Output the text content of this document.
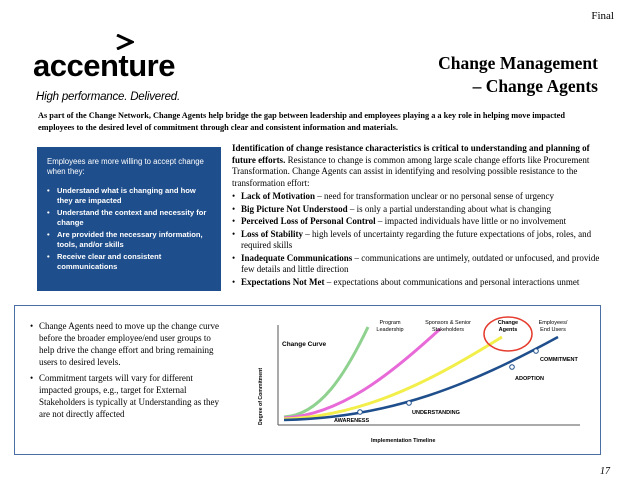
Final
accenture
High performance. Delivered.
Change Management
– Change Agents
As part of the Change Network, Change Agents help bridge the gap between leadership and employees playing a a key role in helping move impacted employees to the desired level of commitment through clear and consistent information and materials.
Employees are more willing to accept change when they:
• Understand what is changing and how they are impacted
• Understand the context and necessity for change
• Are provided the necessary information, tools, and/or skills
• Receive clear and consistent communications

Identification of change resistance characteristics is critical to understanding and planning of future efforts. Resistance to change is common among large scale change efforts like Procurement Transformation. Change Agents can assist in identifying and resolving possible resistance to the transformation effort:

• Lack of Motivation – need for transformation unclear or no personal sense of urgency
• Big Picture Not Understood – is only a partial understanding about what is changing
• Perceived Loss of Personal Control – impacted individuals have little or no involvement
• Loss of Stability – high levels of uncertainty regarding the future expectations of jobs, roles, and required skills
• Inadequate Communications – communications are untimely, outdated or unfocused, and provide few details and little direction
• Expectations Not Met – expectations about communications and personal interactions unmet
• Change Agents need to move up the change curve before the broader employee/end user groups to help drive the change effort and bring remaining users to desired levels.
• Commitment targets will vary for different impacted groups, e.g., target for External Stakeholders is typically at Understanding as they are not directly affected
Change Curve
Degree of Commitment
Implementation Timeline
Program Leadership
Sponsors & Senior Stakeholders
Change Agents
Employees/ End Users
AWARENESS
UNDERSTANDING
ADOPTION
COMMITMENT
17
